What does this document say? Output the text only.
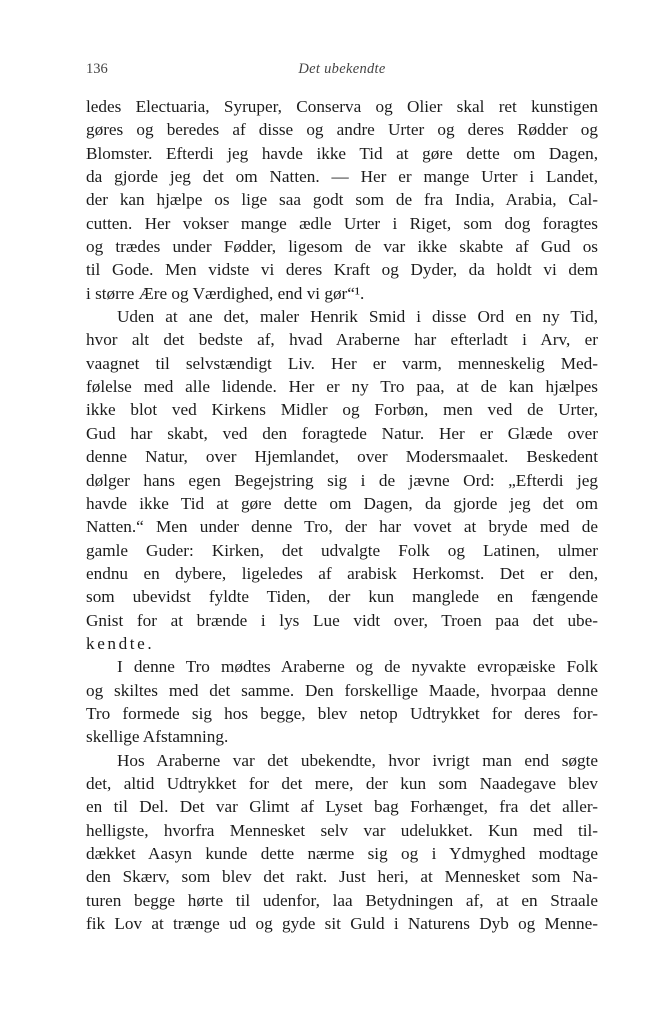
136	Det ubekendte
ledes Electuaria, Syruper, Conserva og Olier skal ret kunstigen
gøres og beredes af disse og andre Urter og deres Rødder og
Blomster. Efterdi jeg havde ikke Tid at gøre dette om Dagen,
da gjorde jeg det om Natten. — Her er mange Urter i Landet,
der kan hjælpe os lige saa godt som de fra India, Arabia, Cal-
cutten. Her vokser mange ædle Urter i Riget, som dog foragtes
og trædes under Fødder, ligesom de var ikke skabte af Gud os
til Gode. Men vidste vi deres Kraft og Dyder, da holdt vi dem
i større Ære og Værdighed, end vi gør“¹.
Uden at ane det, maler Henrik Smid i disse Ord en ny Tid,
hvor alt det bedste af, hvad Araberne har efterladt i Arv, er
vaagnet til selvstændigt Liv. Her er varm, menneskelig Med-
følelse med alle lidende. Her er ny Tro paa, at de kan hjælpes
ikke blot ved Kirkens Midler og Forbøn, men ved de Urter,
Gud har skabt, ved den foragtede Natur. Her er Glæde over
denne Natur, over Hjemlandet, over Modersmaalet. Beskedent
dølger hans egen Begejstring sig i de jævne Ord: „Efterdi jeg
havde ikke Tid at gøre dette om Dagen, da gjorde jeg det om
Natten.“ Men under denne Tro, der har vovet at bryde med de
gamle Guder: Kirken, det udvalgte Folk og Latinen, ulmer
endnu en dybere, ligeledes af arabisk Herkomst. Det er den,
som ubevidst fyldte Tiden, der kun manglede en fængende
Gnist for at brænde i lys Lue vidt over, Troen paa det ube-
kendte.
I denne Tro mødtes Araberne og de nyvakte evropæiske Folk
og skiltes med det samme. Den forskellige Maade, hvorpaa denne
Tro formede sig hos begge, blev netop Udtrykket for deres for-
skellige Afstamning.
Hos Araberne var det ubekendte, hvor ivrigt man end søgte
det, altid Udtrykket for det mere, der kun som Naadegave blev
en til Del. Det var Glimt af Lyset bag Forhænget, fra det aller-
helligste, hvorfra Mennesket selv var udelukket. Kun med til-
dækket Aasyn kunde dette nærme sig og i Ydmyghed modtage
den Skærv, som blev det rakt. Just heri, at Mennesket som Na-
turen begge hørte til udenfor, laa Betydningen af, at en Straale
fik Lov at trænge ud og gyde sit Guld i Naturens Dyb og Menne-
